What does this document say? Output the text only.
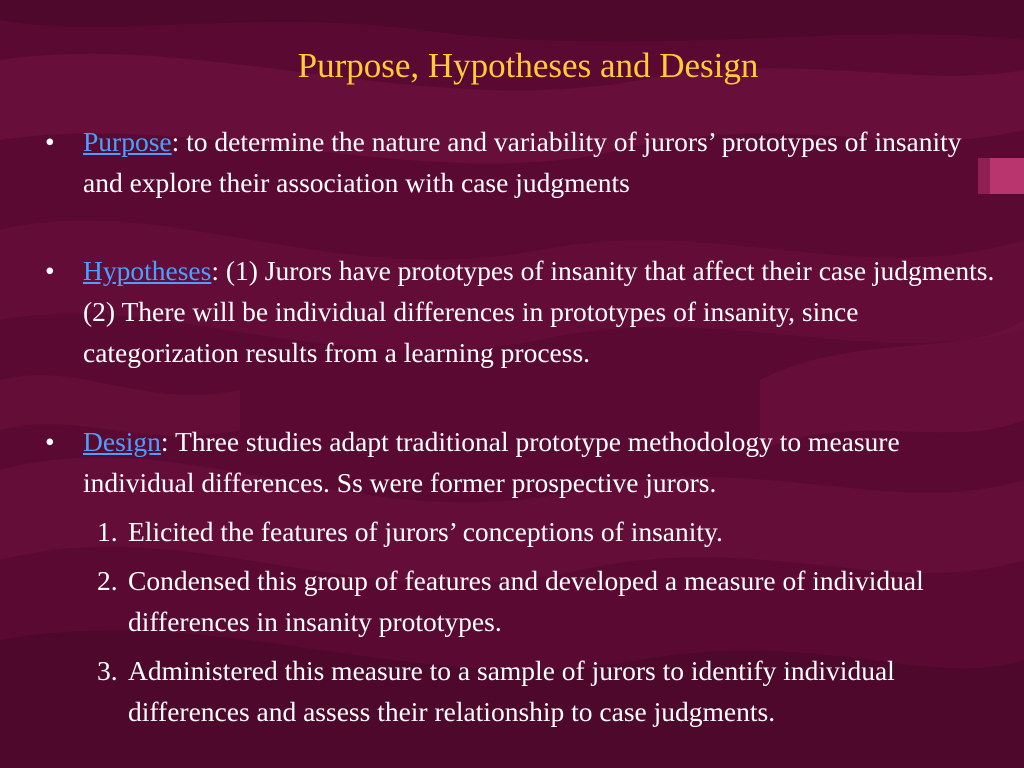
Purpose, Hypotheses and Design
• Purpose: to determine the nature and variability of jurors’ prototypes of insanity and explore their association with case judgments
• Hypotheses: (1) Jurors have prototypes of insanity that affect their case judgments. (2) There will be individual differences in prototypes of insanity, since categorization results from a learning process.
• Design: Three studies adapt traditional prototype methodology to measure individual differences. Ss were former prospective jurors.
1. Elicited the features of jurors’ conceptions of insanity.
2. Condensed this group of features and developed a measure of individual differences in insanity prototypes.
3. Administered this measure to a sample of jurors to identify individual differences and assess their relationship to case judgments.
